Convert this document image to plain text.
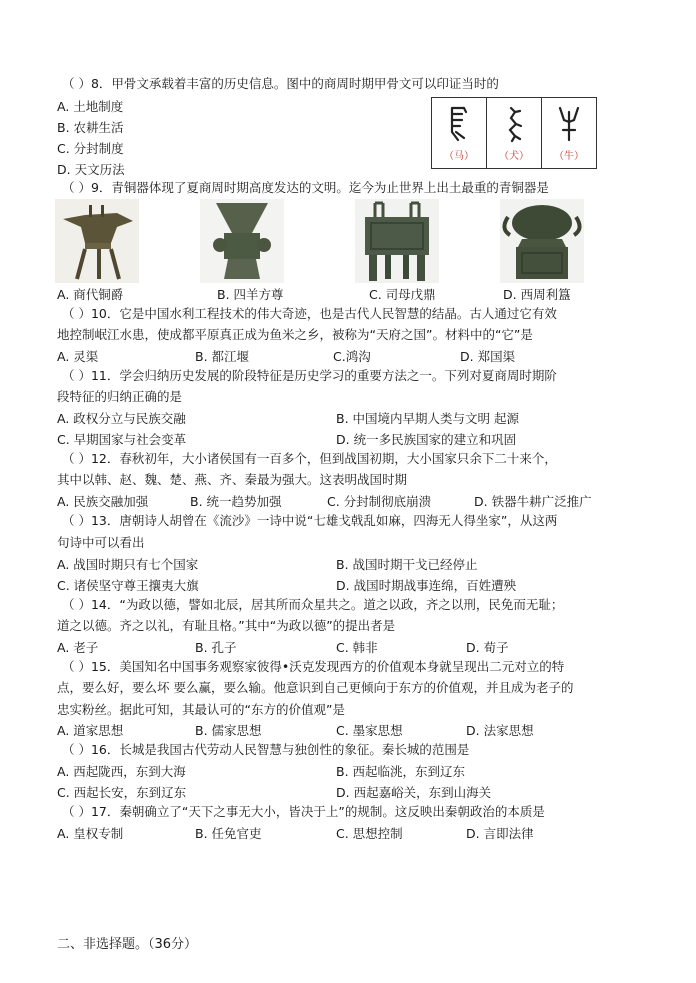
（ ）8．甲骨文承载着丰富的历史信息。图中的商周时期甲骨文可以印证当时的
A. 土地制度
B. 农耕生活
C. 分封制度
D. 天文历法
（马）	（犬）	（牛）
（ ）9．青铜器体现了夏商周时期高度发达的文明。迄今为止世界上出土最重的青铜器是
A. 商代铜爵	B. 四羊方尊	C. 司母戊鼎	D. 西周利簋
（ ）10．它是中国水利工程技术的伟大奇迹，也是古代人民智慧的结晶。古人通过它有效
地控制岷江水患，使成都平原真正成为鱼米之乡，被称为“天府之国”。材料中的“它”是
A. 灵渠	B. 都江堰	C.鸿沟	D. 郑国渠
（ ）11．学会归纳历史发展的阶段特征是历史学习的重要方法之一。下列对夏商周时期阶
段特征的归纳正确的是
A. 政权分立与民族交融	B. 中国境内早期人类与文明 起源
C. 早期国家与社会变革	D. 统一多民族国家的建立和巩固
（ ）12．春秋初年，大小诸侯国有一百多个，但到战国初期，大小国家只余下二十来个，
其中以韩、赵、魏、楚、燕、齐、秦最为强大。这表明战国时期
A. 民族交融加强	B. 统一趋势加强	C. 分封制彻底崩溃	D. 铁器牛耕广泛推广
（ ）13．唐朝诗人胡曾在《流沙》一诗中说“七雄戈戟乱如麻，四海无人得坐家”，从这两
句诗中可以看出
A. 战国时期只有七个国家	B. 战国时期干戈已经停止
C. 诸侯坚守尊王攘夷大旗	D. 战国时期战事连绵，百姓遭殃
（ ）14．“为政以德，譬如北辰，居其所而众星共之。道之以政，齐之以刑，民免而无耻；
道之以德。齐之以礼，有耻且格。”其中“为政以德”的提出者是
A. 老子	B. 孔子	C. 韩非	D. 荀子
（ ）15．美国知名中国事务观察家彼得•沃克发现西方的价值观本身就呈现出二元对立的特
点，要么好，要么坏 要么赢，要么输。他意识到自己更倾向于东方的价值观，并且成为老子的
忠实粉丝。据此可知，其最认可的“东方的价值观”是
A. 道家思想	B. 儒家思想	C. 墨家思想	D. 法家思想
（ ）16．长城是我国古代劳动人民智慧与独创性的象征。秦长城的范围是
A. 西起陇西，东到大海	B. 西起临洮，东到辽东
C. 西起长安，东到辽东	D. 西起嘉峪关，东到山海关
（ ）17．秦朝确立了“天下之事无大小，皆决于上”的规制。这反映出秦朝政治的本质是
A. 皇权专制	B. 任免官吏	C. 思想控制	D. 言即法律
二、非选择题。（36分）
